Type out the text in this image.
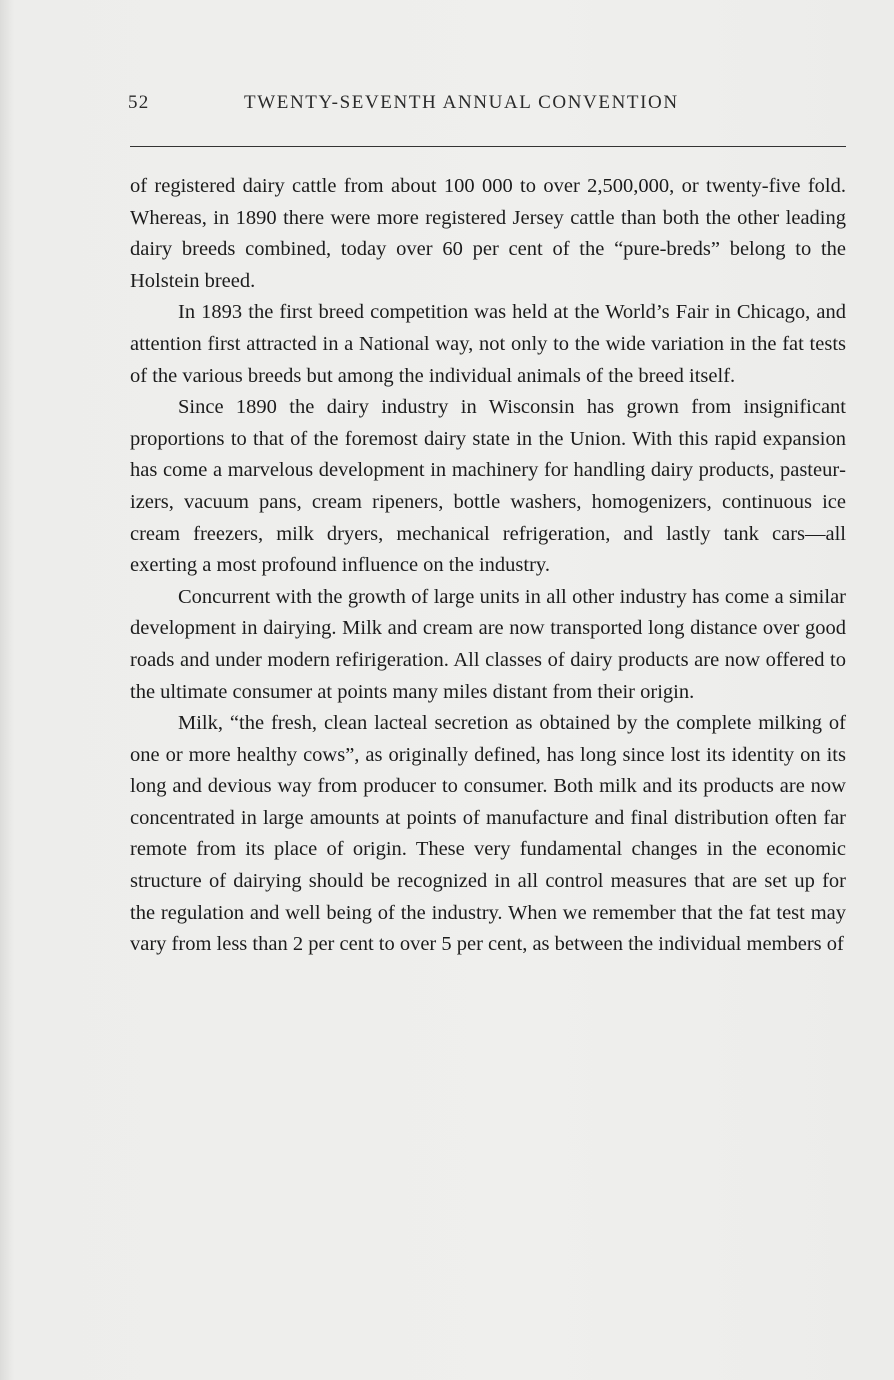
52	TWENTY-SEVENTH ANNUAL CONVENTION

of registered dairy cattle from about 100 000 to over 2,500,000, or twenty-five fold. Whereas, in 1890 there were more registered Jersey cattle than both the other leading dairy breeds combined, today over 60 per cent of the “pure-breds” belong to the Holstein breed.

In 1893 the first breed competition was held at the World’s Fair in Chicago, and attention first attracted in a National way, not only to the wide variation in the fat tests of the various breeds but among the individual animals of the breed itself.

Since 1890 the dairy industry in Wisconsin has grown from insignificant proportions to that of the foremost dairy state in the Union. With this rapid expansion has come a marvelous development in machinery for handling dairy products, pasteurizers, vacuum pans, cream ripeners, bottle washers, homogenizers, continuous ice cream freezers, milk dryers, mechanical refrigeration, and lastly tank cars—all exerting a most profound influence on the industry.

Concurrent with the growth of large units in all other industry has come a similar development in dairying. Milk and cream are now transported long distance over good roads and under modern refirigeration. All classes of dairy products are now offered to the ultimate consumer at points many miles distant from their origin.

Milk, “the fresh, clean lacteal secretion as obtained by the complete milking of one or more healthy cows”, as originally defined, has long since lost its identity on its long and devious way from producer to consumer. Both milk and its products are now concentrated in large amounts at points of manufacture and final distribution often far remote from its place of origin. These very fundamental changes in the economic structure of dairying should be recognized in all control measures that are set up for the regulation and well being of the industry. When we remember that the fat test may vary from less than 2 per cent to over 5 per cent, as between the individual members of
